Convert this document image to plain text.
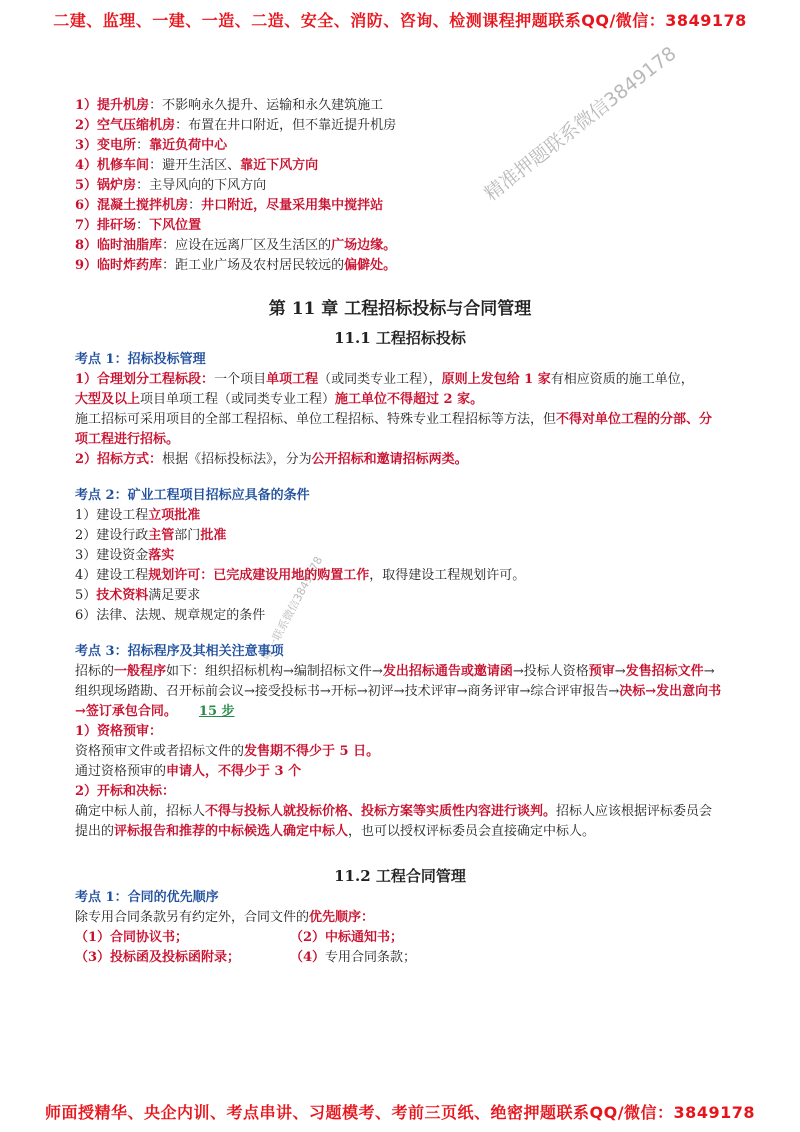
二建、监理、一建、一造、二造、安全、消防、咨询、检测课程押题联系QQ/微信：3849178
精准押题联系微信3849178
唯一联系微信3849178
1）提升机房：不影响永久提升、运输和永久建筑施工
2）空气压缩机房：布置在井口附近，但不靠近提升机房
3）变电所：靠近负荷中心
4）机修车间：避开生活区、靠近下风方向
5）锅炉房：主导风向的下风方向
6）混凝土搅拌机房：井口附近，尽量采用集中搅拌站
7）排矸场：下风位置
8）临时油脂库：应设在远离厂区及生活区的广场边缘。
9）临时炸药库：距工业广场及农村居民较远的偏僻处。
第 11 章 工程招标投标与合同管理
11.1 工程招标投标
考点 1：招标投标管理
1）合理划分工程标段：一个项目单项工程（或同类专业工程），原则上发包给 1 家有相应资质的施工单位，
大型及以上项目单项工程（或同类专业工程）施工单位不得超过 2 家。
施工招标可采用项目的全部工程招标、单位工程招标、特殊专业工程招标等方法，但不得对单位工程的分部、分项工程进行招标。
2）招标方式：根据《招标投标法》，分为公开招标和邀请招标两类。
考点 2：矿业工程项目招标应具备的条件
1）建设工程立项批准
2）建设行政主管部门批准
3）建设资金落实
4）建设工程规划许可：已完成建设用地的购置工作，取得建设工程规划许可。
5）技术资料满足要求
6）法律、法规、规章规定的条件
考点 3：招标程序及其相关注意事项
招标的一般程序如下：组织招标机构→编制招标文件→发出招标通告或邀请函→投标人资格预审→发售招标文件→组织现场踏勘、召开标前会议→接受投标书→开标→初评→技术评审→商务评审→综合评审报告→决标→发出意向书→签订承包合同。 15 步
1）资格预审：
资格预审文件或者招标文件的发售期不得少于 5 日。
通过资格预审的申请人，不得少于 3 个
2）开标和决标：
确定中标人前，招标人不得与投标人就投标价格、投标方案等实质性内容进行谈判。招标人应该根据评标委员会提出的评标报告和推荐的中标候选人确定中标人，也可以授权评标委员会直接确定中标人。
11.2 工程合同管理
考点 1：合同的优先顺序
除专用合同条款另有约定外，合同文件的优先顺序：
（1）合同协议书；	（2）中标通知书；
（3）投标函及投标函附录；	（4）专用合同条款；
师面授精华、央企内训、考点串讲、习题模考、考前三页纸、绝密押题联系QQ/微信：3849178
